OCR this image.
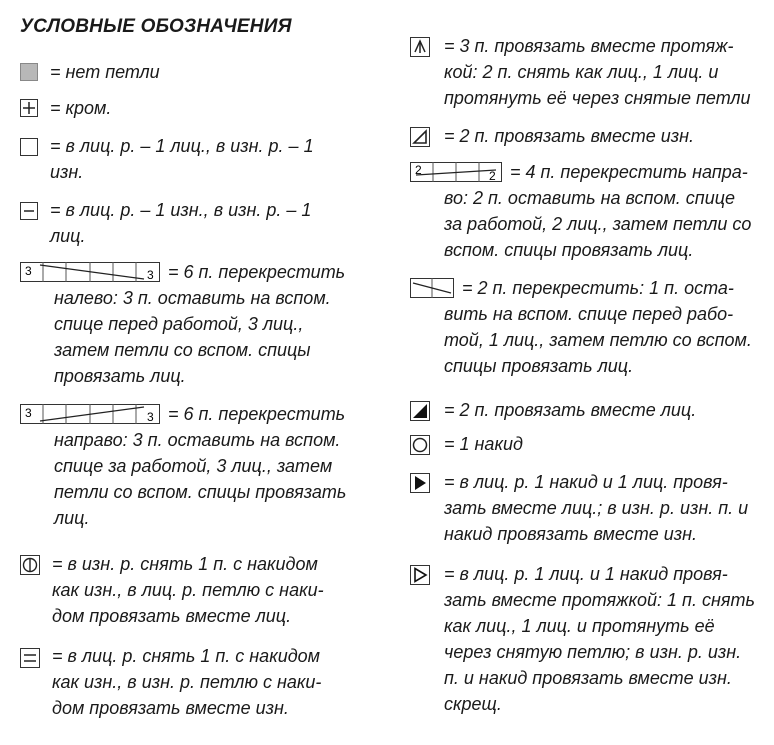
УСЛОВНЫЕ ОБОЗНАЧЕНИЯ
= нет петли
= кром.
= в лиц. р. – 1 лиц., в изн. р. – 1
изн.
= в лиц. р. – 1 изн., в изн. р. – 1
лиц.
3	3 = 6 п. перекрестить
налево: 3 п. оставить на вспом.
спице перед работой, 3 лиц.,
затем петли со вспом. спицы
провязать лиц.
3	3 = 6 п. перекрестить
направо: 3 п. оставить на вспом.
спице за работой, 3 лиц., затем
петли со вспом. спицы провязать
лиц.
= в изн. р. снять 1 п. с накидом
как изн., в лиц. р. петлю с наки-
дом провязать вместе лиц.
= в лиц. р. снять 1 п. с накидом
как изн., в изн. р. петлю с наки-
дом провязать вместе изн.
= 3 п. провязать вместе протяж-
кой: 2 п. снять как лиц., 1 лиц. и
протянуть её через снятые петли
= 2 п. провязать вместе изн.
2	2 = 4 п. перекрестить напра-
во: 2 п. оставить на вспом. спице
за работой, 2 лиц., затем петли со
вспом. спицы провязать лиц.
= 2 п. перекрестить: 1 п. оста-
вить на вспом. спице перед рабо-
той, 1 лиц., затем петлю со вспом.
спицы провязать лиц.
= 2 п. провязать вместе лиц.
= 1 накид
= в лиц. р. 1 накид и 1 лиц. провя-
зать вместе лиц.; в изн. р. изн. п. и
накид провязать вместе изн.
= в лиц. р. 1 лиц. и 1 накид провя-
зать вместе протяжкой: 1 п. снять
как лиц., 1 лиц. и протянуть её
через снятую петлю; в изн. р. изн.
п. и накид провязать вместе изн.
скрещ.
